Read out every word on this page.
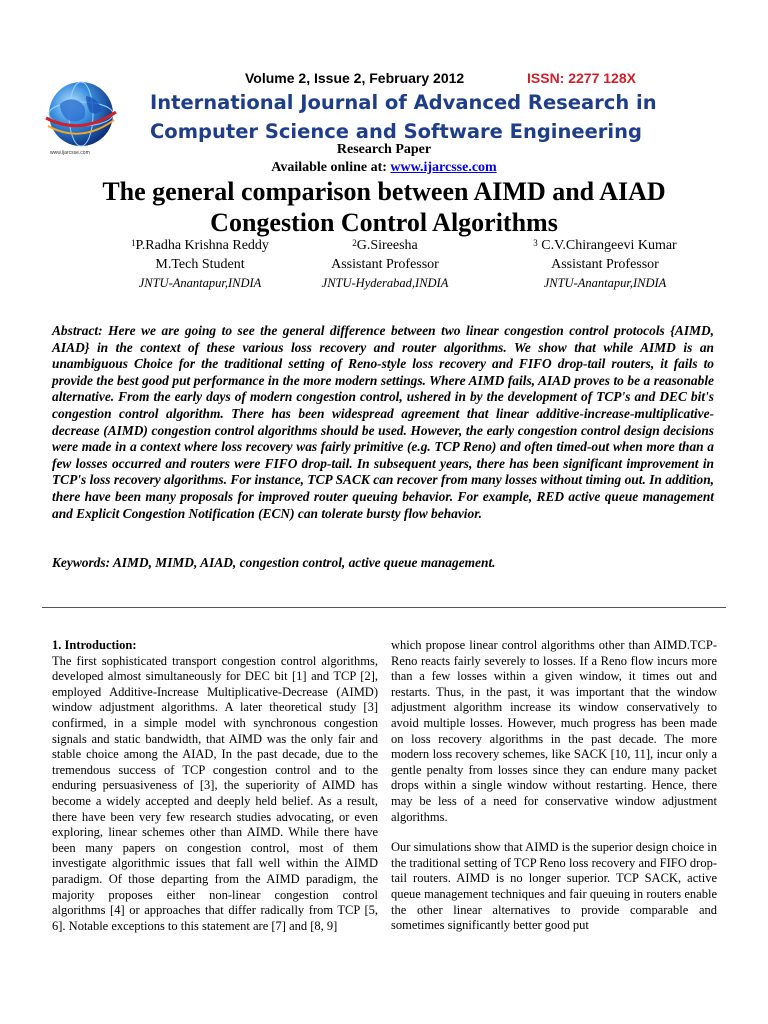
www.ijarcsse.com
Volume 2, Issue 2, February 2012	ISSN: 2277 128X
International Journal of Advanced Research in
Computer Science and Software Engineering
Research Paper
Available online at: www.ijarcsse.com
The general comparison between AIMD and AIAD
Congestion Control Algorithms
$^1$P.Radha Krishna Reddy
M.Tech Student
JNTU-Anantapur,INDIA
$^2$G.Sireesha
Assistant Professor
JNTU-Hyderabad,INDIA
$^3$ C.V.Chirangeevi Kumar
Assistant Professor
JNTU-Anantapur,INDIA
Abstract: Here we are going to see the general difference between two linear congestion control protocols {AIMD, AIAD} in the context of these various loss recovery and router algorithms. We show that while AIMD is an unambiguous Choice for the traditional setting of Reno-style loss recovery and FIFO drop-tail routers, it fails to provide the best good put performance in the more modern settings. Where AIMD fails, AIAD proves to be a reasonable alternative. From the early days of modern congestion control, ushered in by the development of TCP's and DEC bit's congestion control algorithm. There has been widespread agreement that linear additive-increase-multiplicative-decrease (AIMD) congestion control algorithms should be used. However, the early congestion control design decisions were made in a context where loss recovery was fairly primitive (e.g. TCP Reno) and often timed-out when more than a few losses occurred and routers were FIFO drop-tail. In subsequent years, there has been significant improvement in TCP's loss recovery algorithms. For instance, TCP SACK can recover from many losses without timing out. In addition, there have been many proposals for improved router queuing behavior. For example, RED active queue management and Explicit Congestion Notification (ECN) can tolerate bursty flow behavior.
Keywords: AIMD, MIMD, AIAD, congestion control, active queue management.

1. Introduction:

The first sophisticated transport congestion control algorithms, developed almost simultaneously for DEC bit [1] and TCP [2], employed Additive-Increase Multiplicative-Decrease (AIMD) window adjustment algorithms. A later theoretical study [3] confirmed, in a simple model with synchronous congestion signals and static bandwidth, that AIMD was the only fair and stable choice among the AIAD, In the past decade, due to the tremendous success of TCP congestion control and to the enduring persuasiveness of [3], the superiority of AIMD has become a widely accepted and deeply held belief. As a result, there have been very few research studies advocating, or even exploring, linear schemes other than AIMD. While there have been many papers on congestion control, most of them investigate algorithmic issues that fall well within the AIMD paradigm. Of those departing from the AIMD paradigm, the majority proposes either non-linear congestion control algorithms [4] or approaches that differ radically from TCP [5, 6]. Notable exceptions to this statement are [7] and [8, 9]

which propose linear control algorithms other than AIMD.TCP-Reno reacts fairly severely to losses. If a Reno flow incurs more than a few losses within a given window, it times out and restarts. Thus, in the past, it was important that the window adjustment algorithm increase its window conservatively to avoid multiple losses. However, much progress has been made on loss recovery algorithms in the past decade. The more modern loss recovery schemes, like SACK [10, 11], incur only a gentle penalty from losses since they can endure many packet drops within a single window without restarting. Hence, there may be less of a need for conservative window adjustment algorithms.

Our simulations show that AIMD is the superior design choice in the traditional setting of TCP Reno loss recovery and FIFO drop-tail routers. AIMD is no longer superior. TCP SACK, active queue management techniques and fair queuing in routers enable the other linear alternatives to provide comparable and sometimes significantly better good put
